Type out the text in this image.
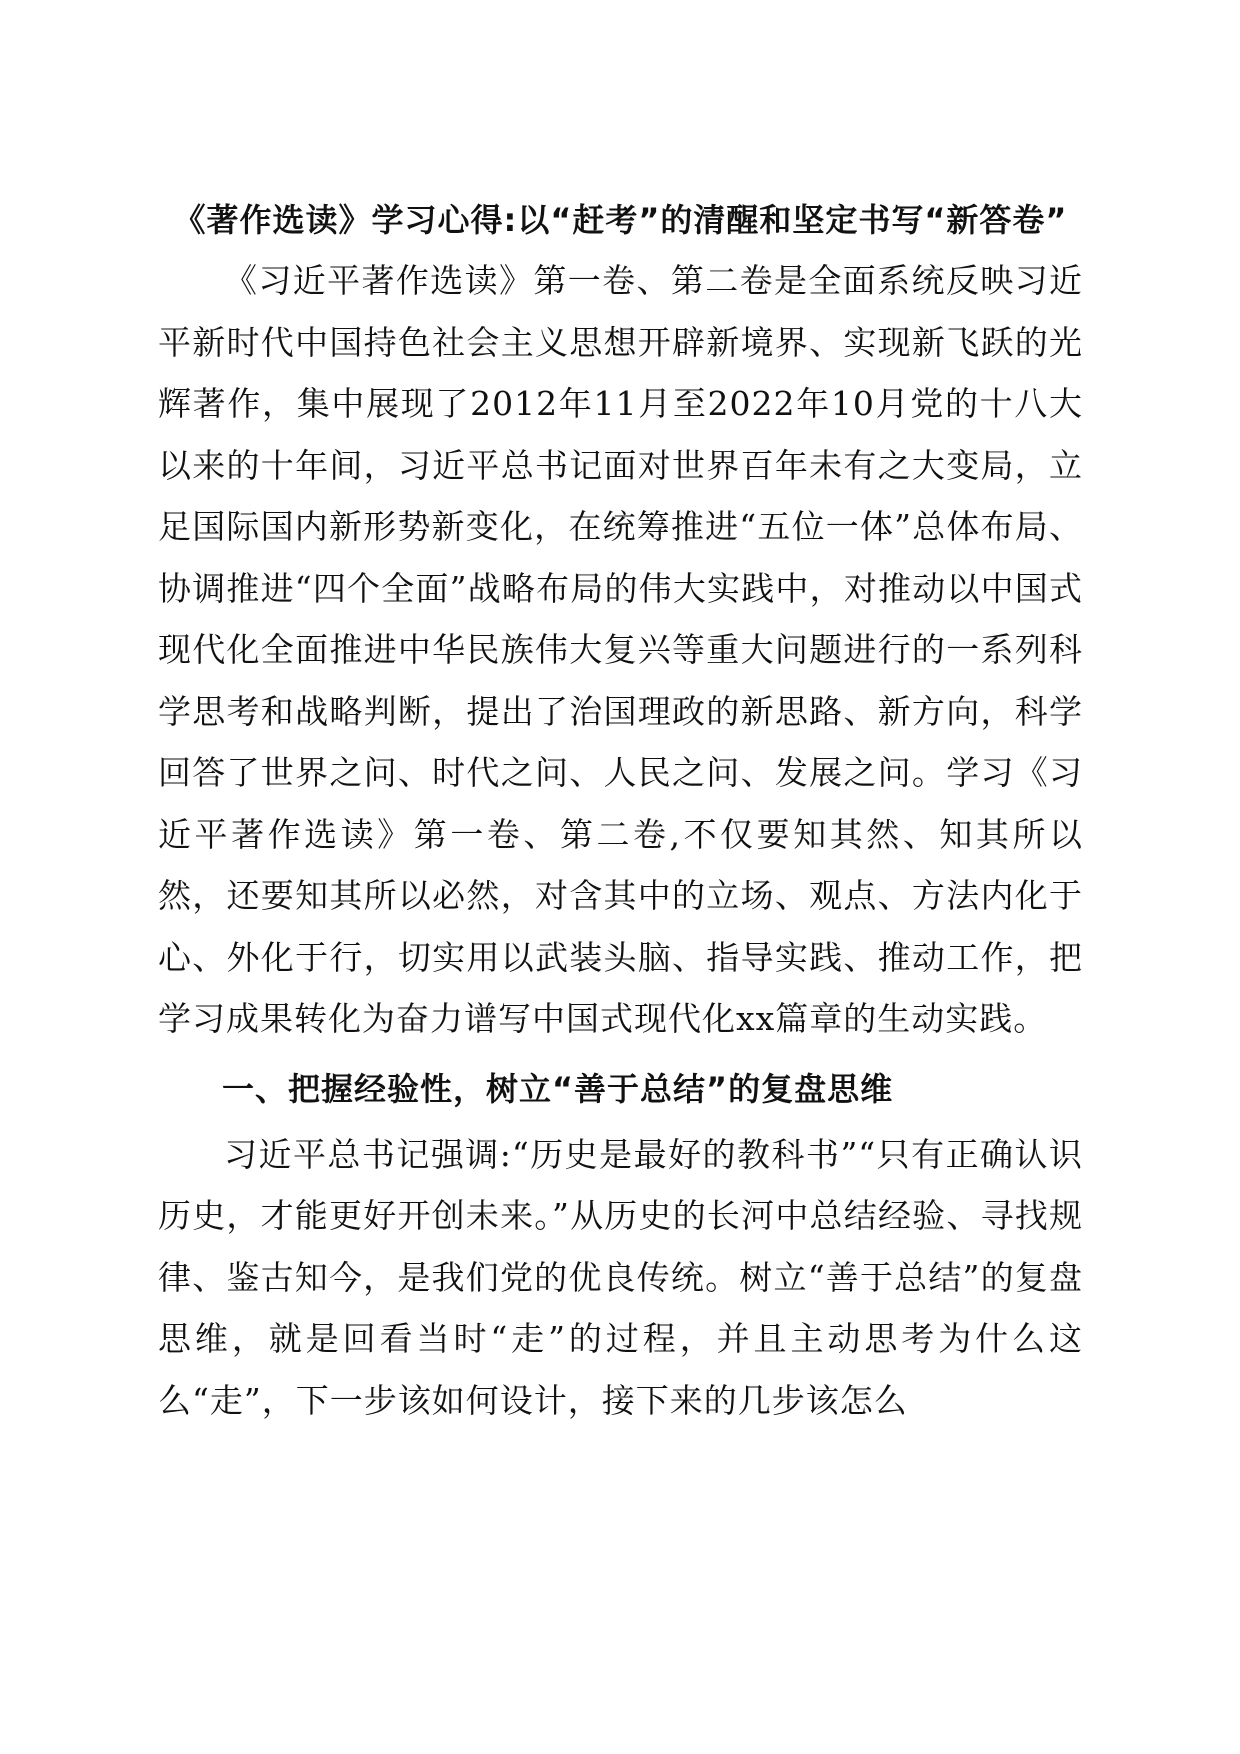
《著作选读》学习心得:以“赶考”的清醒和坚定书写“新答卷”

《习近平著作选读》第一卷、第二卷是全面系统反映习近平新时代中国持色社会主义思想开辟新境界、实现新飞跃的光辉著作，集中展现了2012年11月至2022年10月党的十八大以来的十年间，习近平总书记面对世界百年未有之大变局，立足国际国内新形势新变化，在统筹推进“五位一体”总体布局、协调推进“四个全面”战略布局的伟大实践中，对推动以中国式现代化全面推进中华民族伟大复兴等重大问题进行的一系列科学思考和战略判断，提出了治国理政的新思路、新方向，科学回答了世界之问、时代之问、人民之问、发展之问。学习《习近平著作选读》第一卷、第二卷,不仅要知其然、知其所以然，还要知其所以必然，对含其中的立场、观点、方法内化于心、外化于行，切实用以武装头脑、指导实践、推动工作，把学习成果转化为奋力谱写中国式现代化xx篇章的生动实践。

一、把握经验性，树立“善于总结”的复盘思维

习近平总书记强调:“历史是最好的教科书”“只有正确认识历史，才能更好开创未来。”从历史的长河中总结经验、寻找规律、鉴古知今，是我们党的优良传统。树立“善于总结”的复盘思维，就是回看当时“走”的过程，并且主动思考为什么这么“走”，下一步该如何设计，接下来的几步该怎么
